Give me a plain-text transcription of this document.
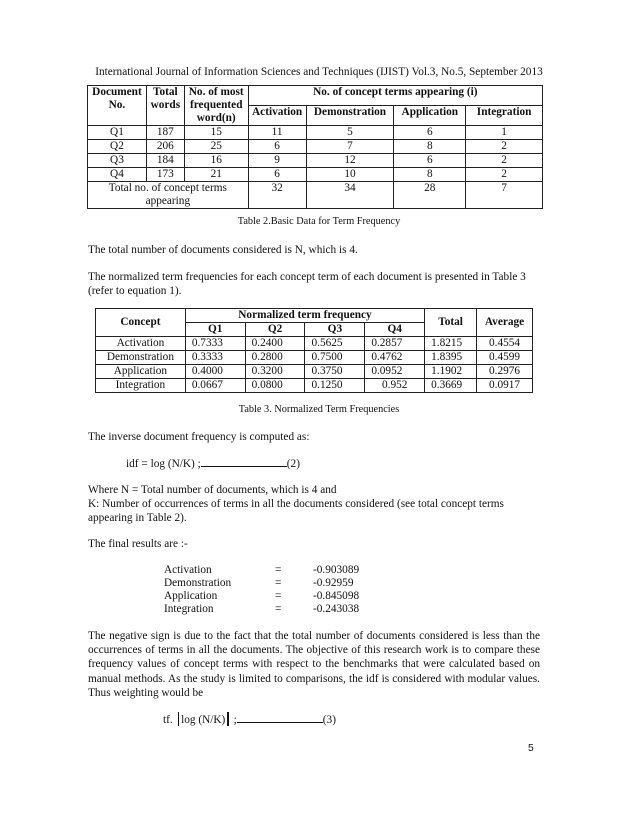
International Journal of Information Sciences and Techniques (IJIST) Vol.3, No.5, September 2013
Document No.	Total words	No. of most frequented word(n)	No. of concept terms appearing (i)			
			Activation	Demonstration	Application	Integration
Q1	187	15	11	5	6	1
Q2	206	25	6	7	8	2
Q3	184	16	9	12	6	2
Q4	173	21	6	10	8	2
Total no. of concept terms appearing			32	34	28	7
Table 2.Basic Data for Term Frequency

The total number of documents considered is N, which is 4.

The normalized term frequencies for each concept term of each document is presented in Table 3 (refer to equation 1).

Concept	Normalized term frequency				Total	Average
	Q1	Q2	Q3	Q4		
Activation	0.7333	0.2400	0.5625	0.2857	1.8215	0.4554
Demonstration	0.3333	0.2800	0.7500	0.4762	1.8395	0.4599
Application	0.4000	0.3200	0.3750	0.0952	1.1902	0.2976
Integration	0.0667	0.0800	0.1250	0.952	0.3669	0.0917
Table 3. Normalized Term Frequencies

The inverse document frequency is computed as:

idf = log (N/K) ;	(2)

Where N = Total number of documents, which is 4 and

K: Number of occurrences of terms in all the documents considered (see total concept terms appearing in Table 2).

The final results are :-

Activation	=	-0.903089
Demonstration	=	-0.92959
Application	=	-0.845098
Integration	=	-0.243038

The negative sign is due to the fact that the total number of documents considered is less than the occurrences of terms in all the documents. The objective of this research work is to compare these frequency values of concept terms with respect to the benchmarks that were calculated based on manual methods. As the study is limited to comparisons, the idf is considered with modular values. Thus weighting would be

tf. log (N/K) ;	(3)
5
